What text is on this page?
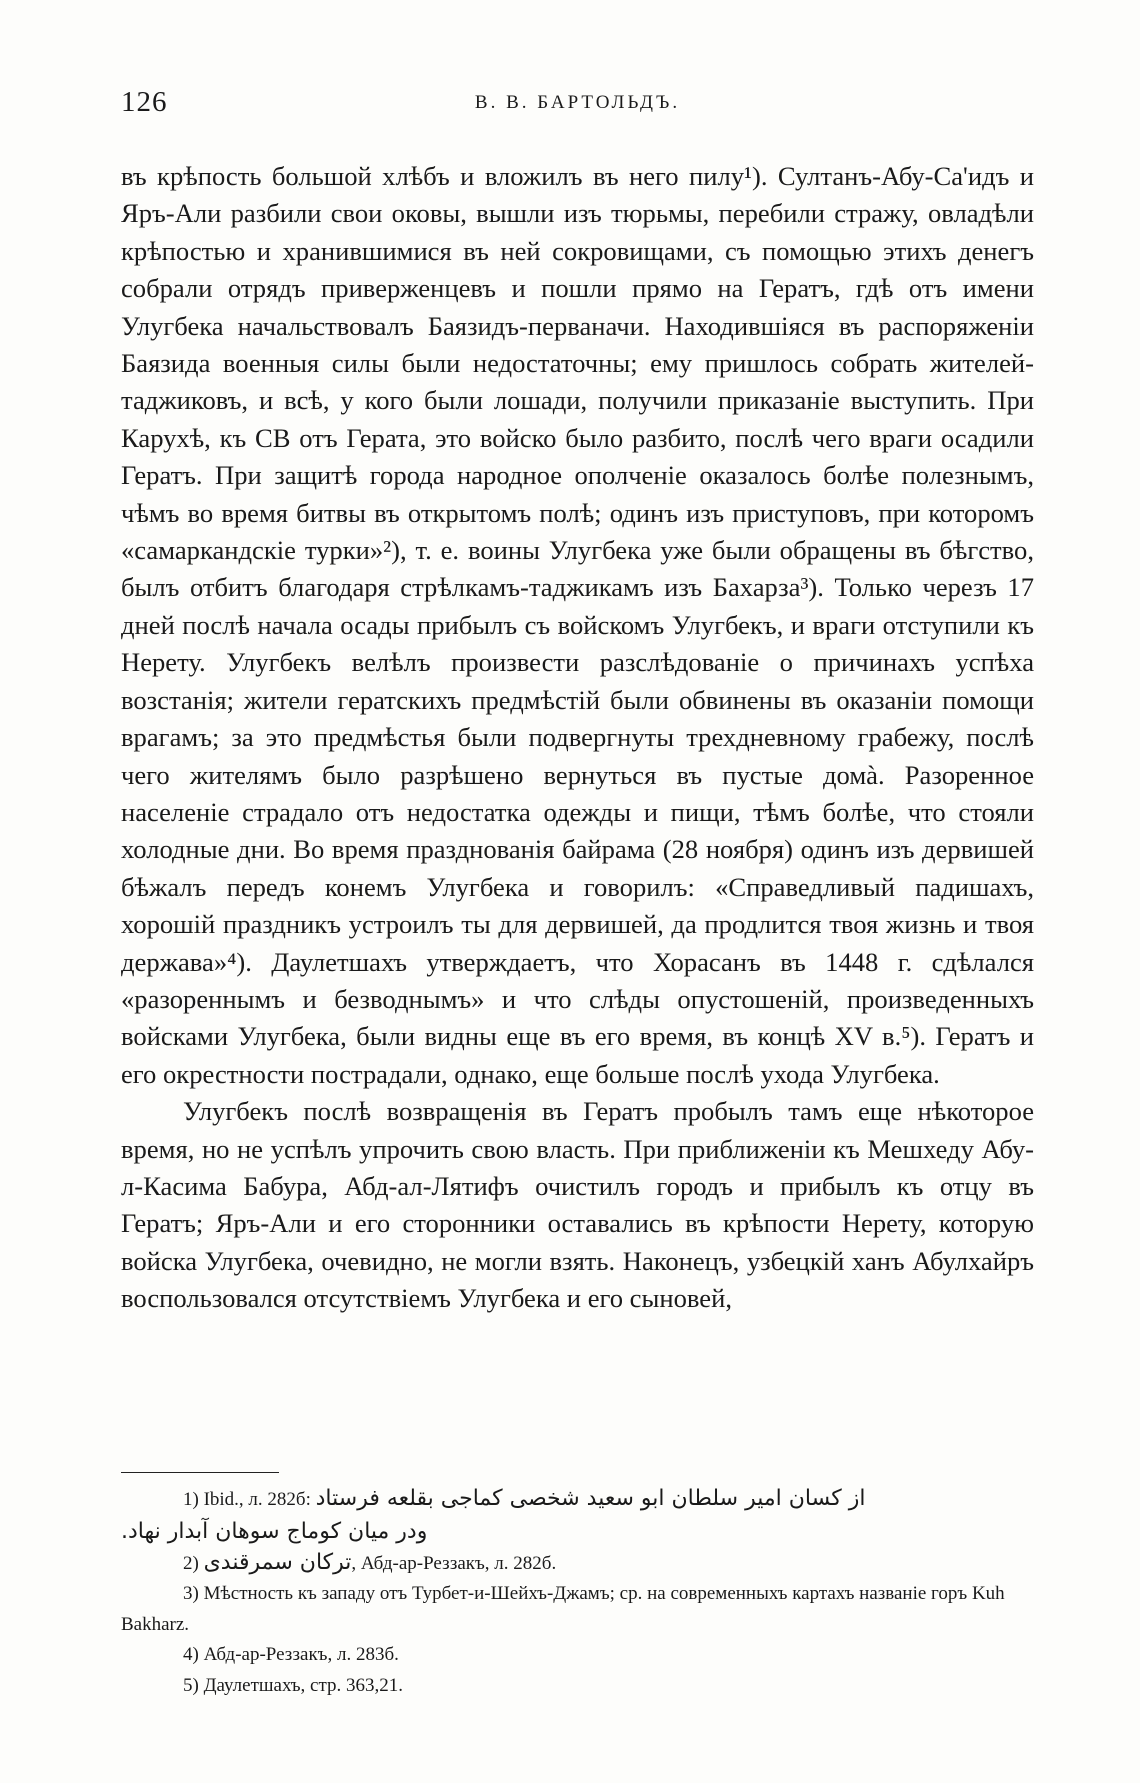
126	В. В. БАРТОЛЬДЪ.

въ крѣпость большой хлѣбъ и вложилъ въ него пилу¹). Султанъ-Абу-Са'идъ и Яръ-Али разбили свои оковы, вышли изъ тюрьмы, перебили стражу, овладѣли крѣпостью и хранившимися въ ней сокровищами, съ помощью этихъ денегъ собрали отрядъ приверженцевъ и пошли прямо на Гератъ, гдѣ отъ имени Улугбека начальствовалъ Баязидъ-перваначи. Находившіяся въ распоряженіи Баязида военныя силы были недостаточны; ему пришлось собрать жителей-таджиковъ, и всѣ, у кого были лошади, получили приказаніе выступить. При Карухѣ, къ СВ отъ Герата, это войско было разбито, послѣ чего враги осадили Гератъ. При защитѣ города народное ополченіе оказалось болѣе полезнымъ, чѣмъ во время битвы въ открытомъ полѣ; одинъ изъ приступовъ, при которомъ «самаркандскіе турки»²), т. е. воины Улугбека уже были обращены въ бѣгство, былъ отбитъ благодаря стрѣлкамъ-таджикамъ изъ Бахарза³). Только черезъ 17 дней послѣ начала осады прибылъ съ войскомъ Улугбекъ, и враги отступили къ Нерету. Улугбекъ велѣлъ произвести разслѣдованіе о причинахъ успѣха возстанія; жители гератскихъ предмѣстій были обвинены въ оказаніи помощи врагамъ; за это предмѣстья были подвергнуты трехдневному грабежу, послѣ чего жителямъ было разрѣшено вернуться въ пустые домà. Разоренное населеніе страдало отъ недостатка одежды и пищи, тѣмъ болѣе, что стояли холодные дни. Во время празднованія байрама (28 ноября) одинъ изъ дервишей бѣжалъ передъ конемъ Улугбека и говорилъ: «Справедливый падишахъ, хорошій праздникъ устроилъ ты для дервишей, да продлится твоя жизнь и твоя держава»⁴). Даулетшахъ утверждаетъ, что Хорасанъ въ 1448 г. сдѣлался «разореннымъ и безводнымъ» и что слѣды опустошеній, произведенныхъ войсками Улугбека, были видны еще въ его время, въ концѣ XV в.⁵). Гератъ и его окрестности пострадали, однако, еще больше послѣ ухода Улугбека.

Улугбекъ послѣ возвращенія въ Гератъ пробылъ тамъ еще нѣкоторое время, но не успѣлъ упрочить свою власть. При приближеніи къ Мешхеду Абу-л-Касима Бабура, Абд-ал-Лятифъ очистилъ городъ и прибылъ къ отцу въ Гератъ; Яръ-Али и его сторонники оставались въ крѣпости Нерету, которую войска Улугбека, очевидно, не могли взять. Наконецъ, узбецкій ханъ Абулхайръ воспользовался отсутствіемъ Улугбека и его сыновей,

1) Ibid., л. 282б: از کسان امیر سلطان ابو سعید شخصی کماجی بقلعه فرستاد

ودر میان کوماج سوهان آبدار نهاد.

2) ترکان سمرقندی, Абд-ар-Реззакъ, л. 282б.

3) Мѣстность къ западу отъ Турбет-и-Шейхъ-Джамъ; ср. на современныхъ картахъ названіе горъ Kuh Bakharz.

4) Абд-ар-Реззакъ, л. 283б.

5) Даулетшахъ, стр. 363,21.
